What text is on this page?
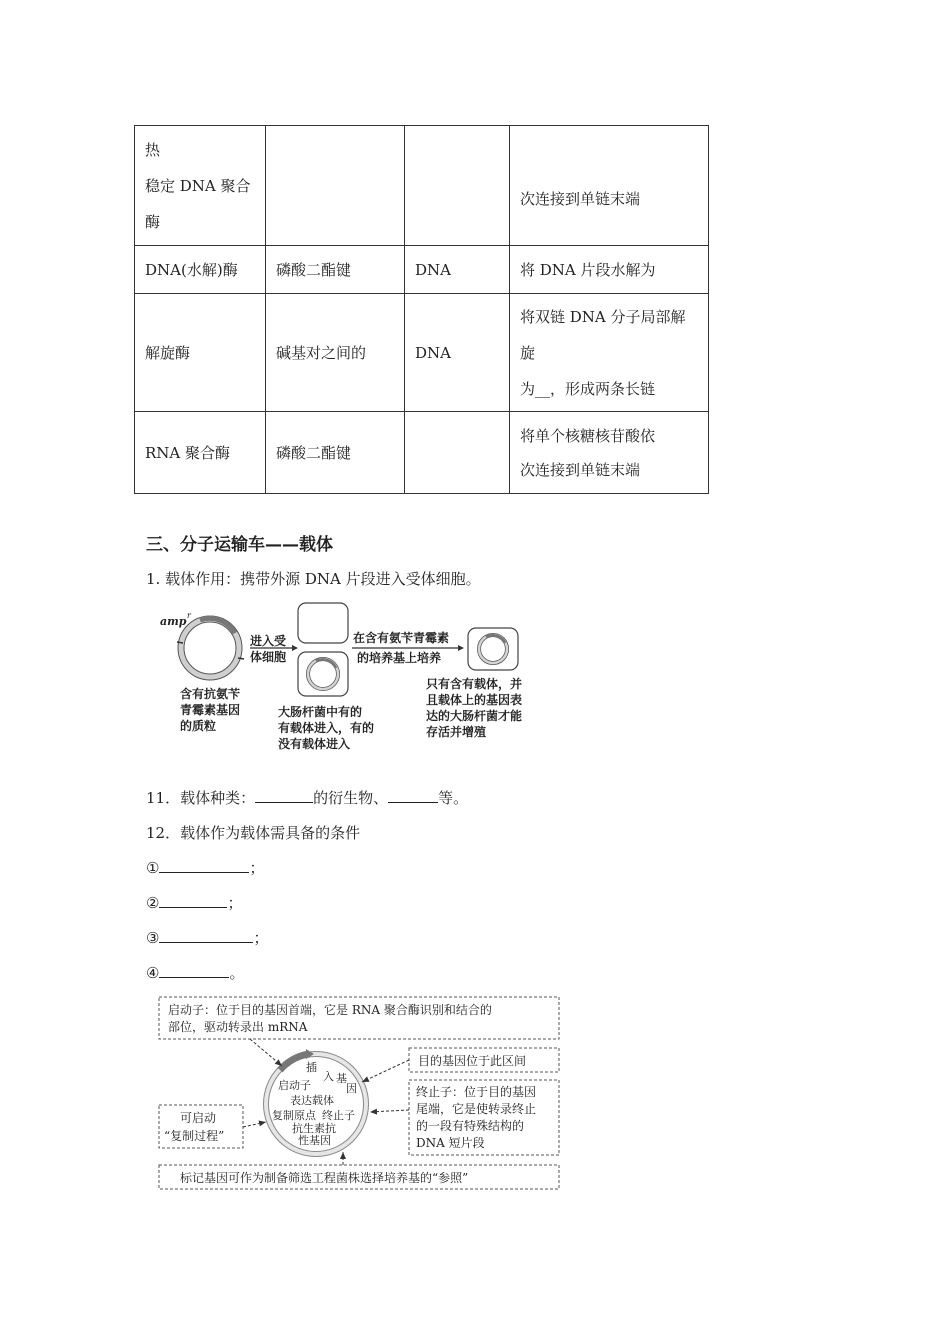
热
稳定 DNA 聚合
酶			次连接到单链末端

DNA(水解)酶	磷酸二酯键	DNA	将 DNA 片段水解为
解旋酶	碱基对之间的	DNA	将双链 DNA 分子局部解
旋
为__，形成两条长链

RNA 聚合酶	磷酸二酯键		将单个核糖核苷酸依
次连接到单链末端
三、分子运输车——载体
1. 载体作用：携带外源 DNA 片段进入受体细胞。
amp r
含有抗氨苄
青霉素基因
的质粒
进入受
体细胞
大肠杆菌中有的
有载体进入，有的
没有载体进入
在含有氨苄青霉素
的培养基上培养
只有含有载体，并
且载体上的基因表
达的大肠杆菌才能
存活并增殖
11．载体种类：	的衍生物、	等。
12．载体作为载体需具备的条件
①	；
②	；
③	；
④	。
启动子：位于目的基因首端，它是 RNA 聚合酶识别和结合的
部位，驱动转录出 mRNA
目的基因位于此区间
终止子：位于目的基因
尾端，它是使转录终止
的一段有特殊结构的
DNA 短片段
可启动
“复制过程”
标记基因可作为制备筛选工程菌株选择培养基的“参照”
插
入 基
因
启动子
表达载体
复制原点 终止子
抗生素抗
性基因
